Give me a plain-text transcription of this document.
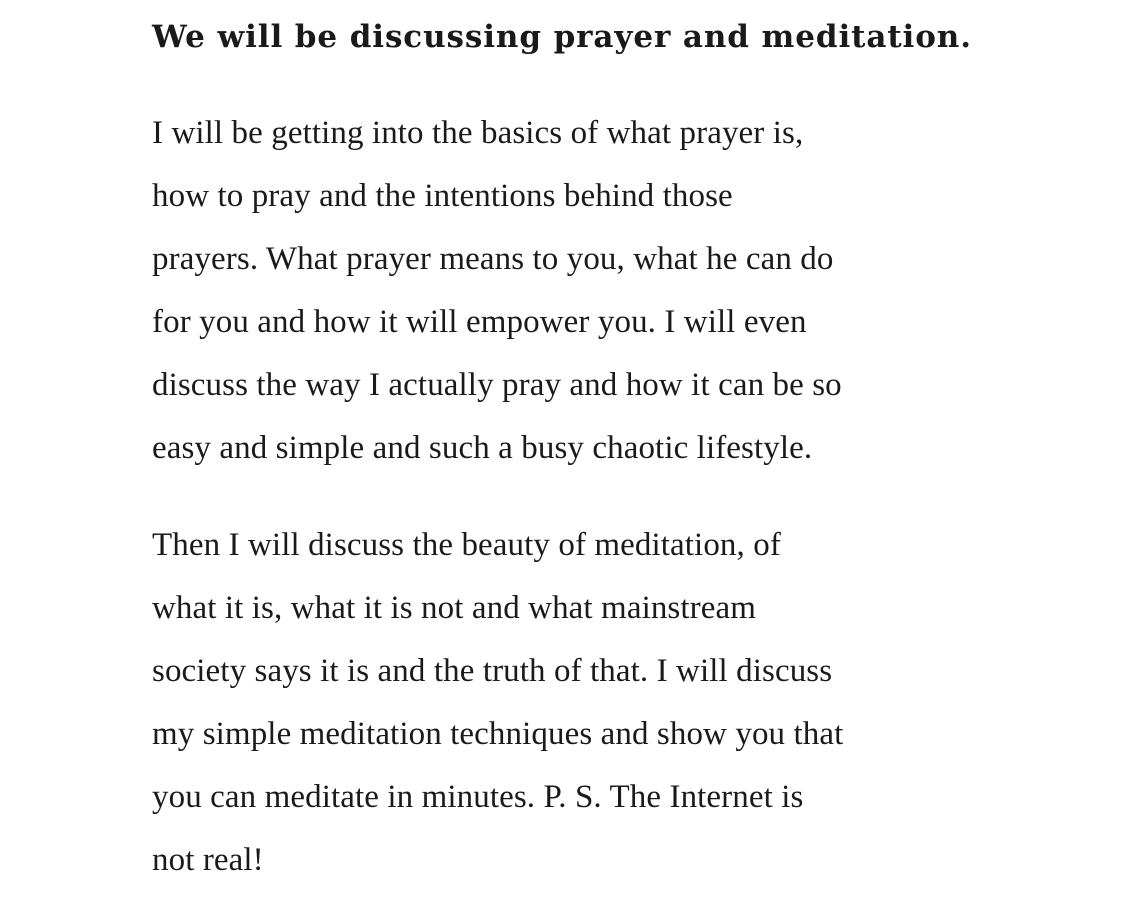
We will be discussing prayer and meditation.

I will be getting into the basics of what prayer is,
how to pray and the intentions behind those
prayers. What prayer means to you, what he can do
for you and how it will empower you. I will even
discuss the way I actually pray and how it can be so
easy and simple and such a busy chaotic lifestyle.

Then I will discuss the beauty of meditation, of
what it is, what it is not and what mainstream
society says it is and the truth of that. I will discuss
my simple meditation techniques and show you that
you can meditate in minutes. P. S. The Internet is
not real!
